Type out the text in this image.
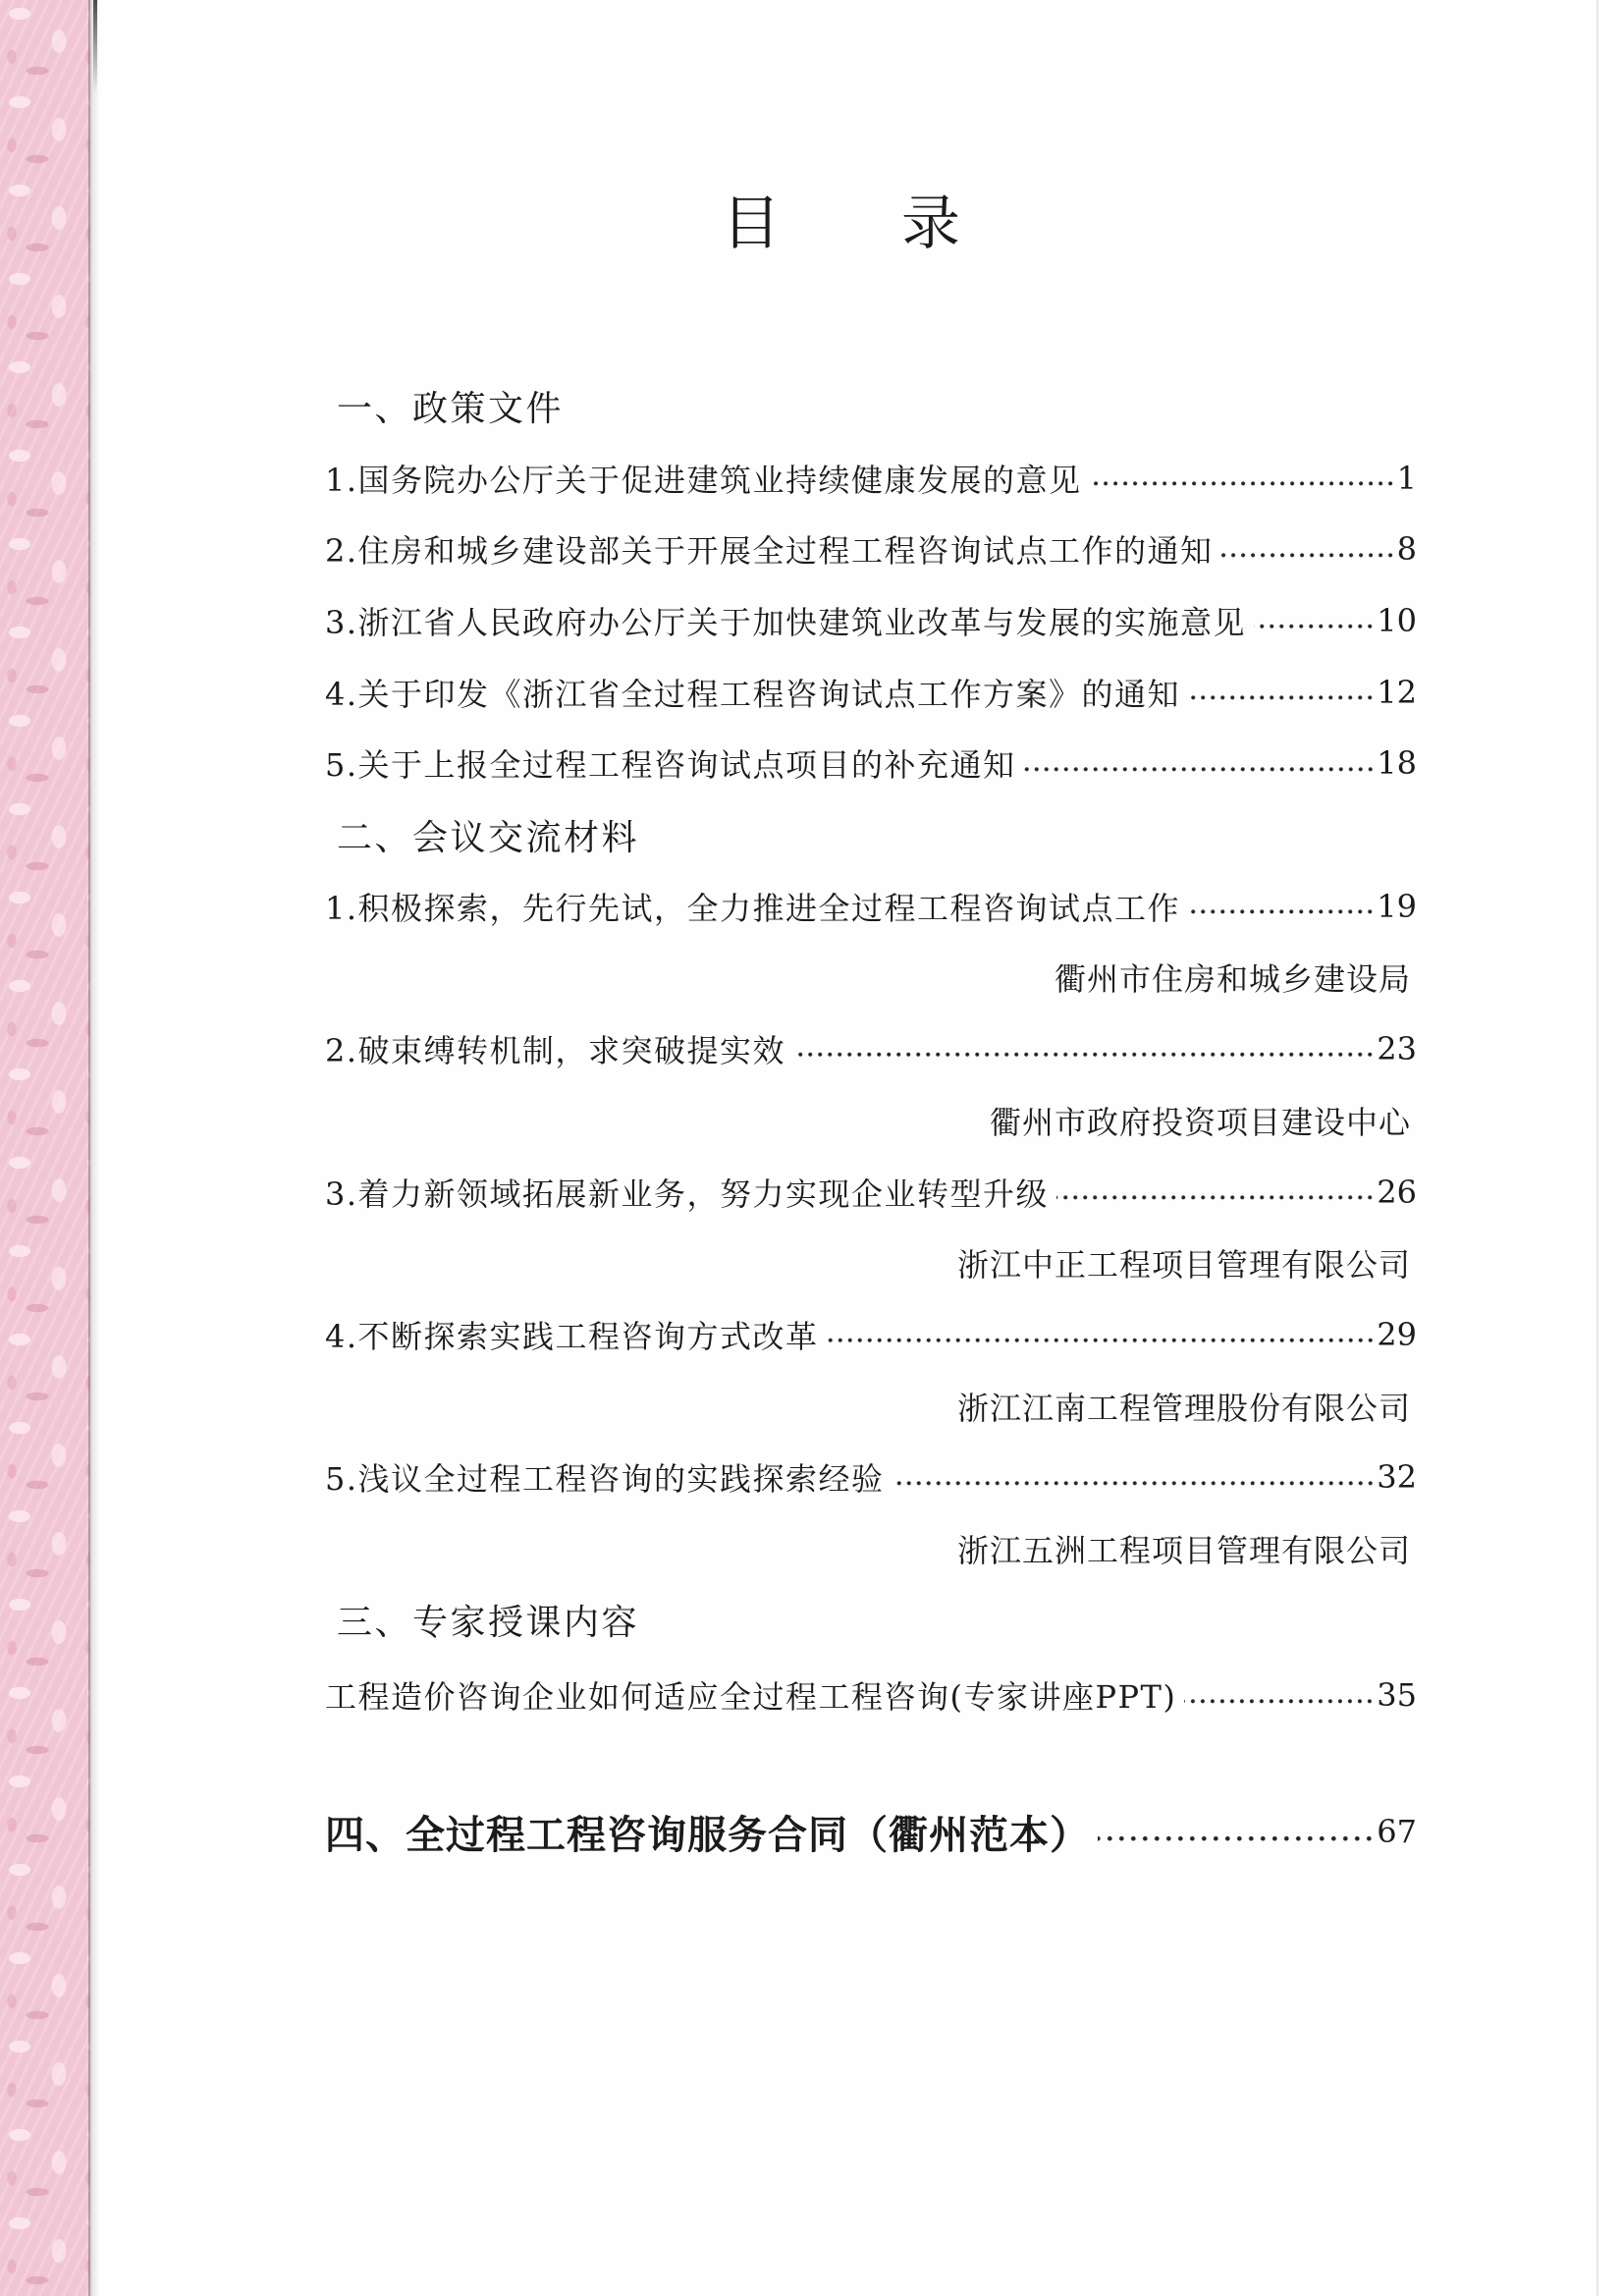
目录
一、政策文件
1.国务院办公厅关于促进建筑业持续健康发展的意见	1
2.住房和城乡建设部关于开展全过程工程咨询试点工作的通知	8
3.浙江省人民政府办公厅关于加快建筑业改革与发展的实施意见	10
4.关于印发《浙江省全过程工程咨询试点工作方案》的通知	12
5.关于上报全过程工程咨询试点项目的补充通知	18
二、会议交流材料
1.积极探索，先行先试，全力推进全过程工程咨询试点工作	19
衢州市住房和城乡建设局
2.破束缚转机制，求突破提实效	23
衢州市政府投资项目建设中心
3.着力新领域拓展新业务，努力实现企业转型升级	26
浙江中正工程项目管理有限公司
4.不断探索实践工程咨询方式改革	29
浙江江南工程管理股份有限公司
5.浅议全过程工程咨询的实践探索经验	32
浙江五洲工程项目管理有限公司
三、专家授课内容
工程造价咨询企业如何适应全过程工程咨询(专家讲座PPT)	35
四、全过程工程咨询服务合同（衢州范本）	67
